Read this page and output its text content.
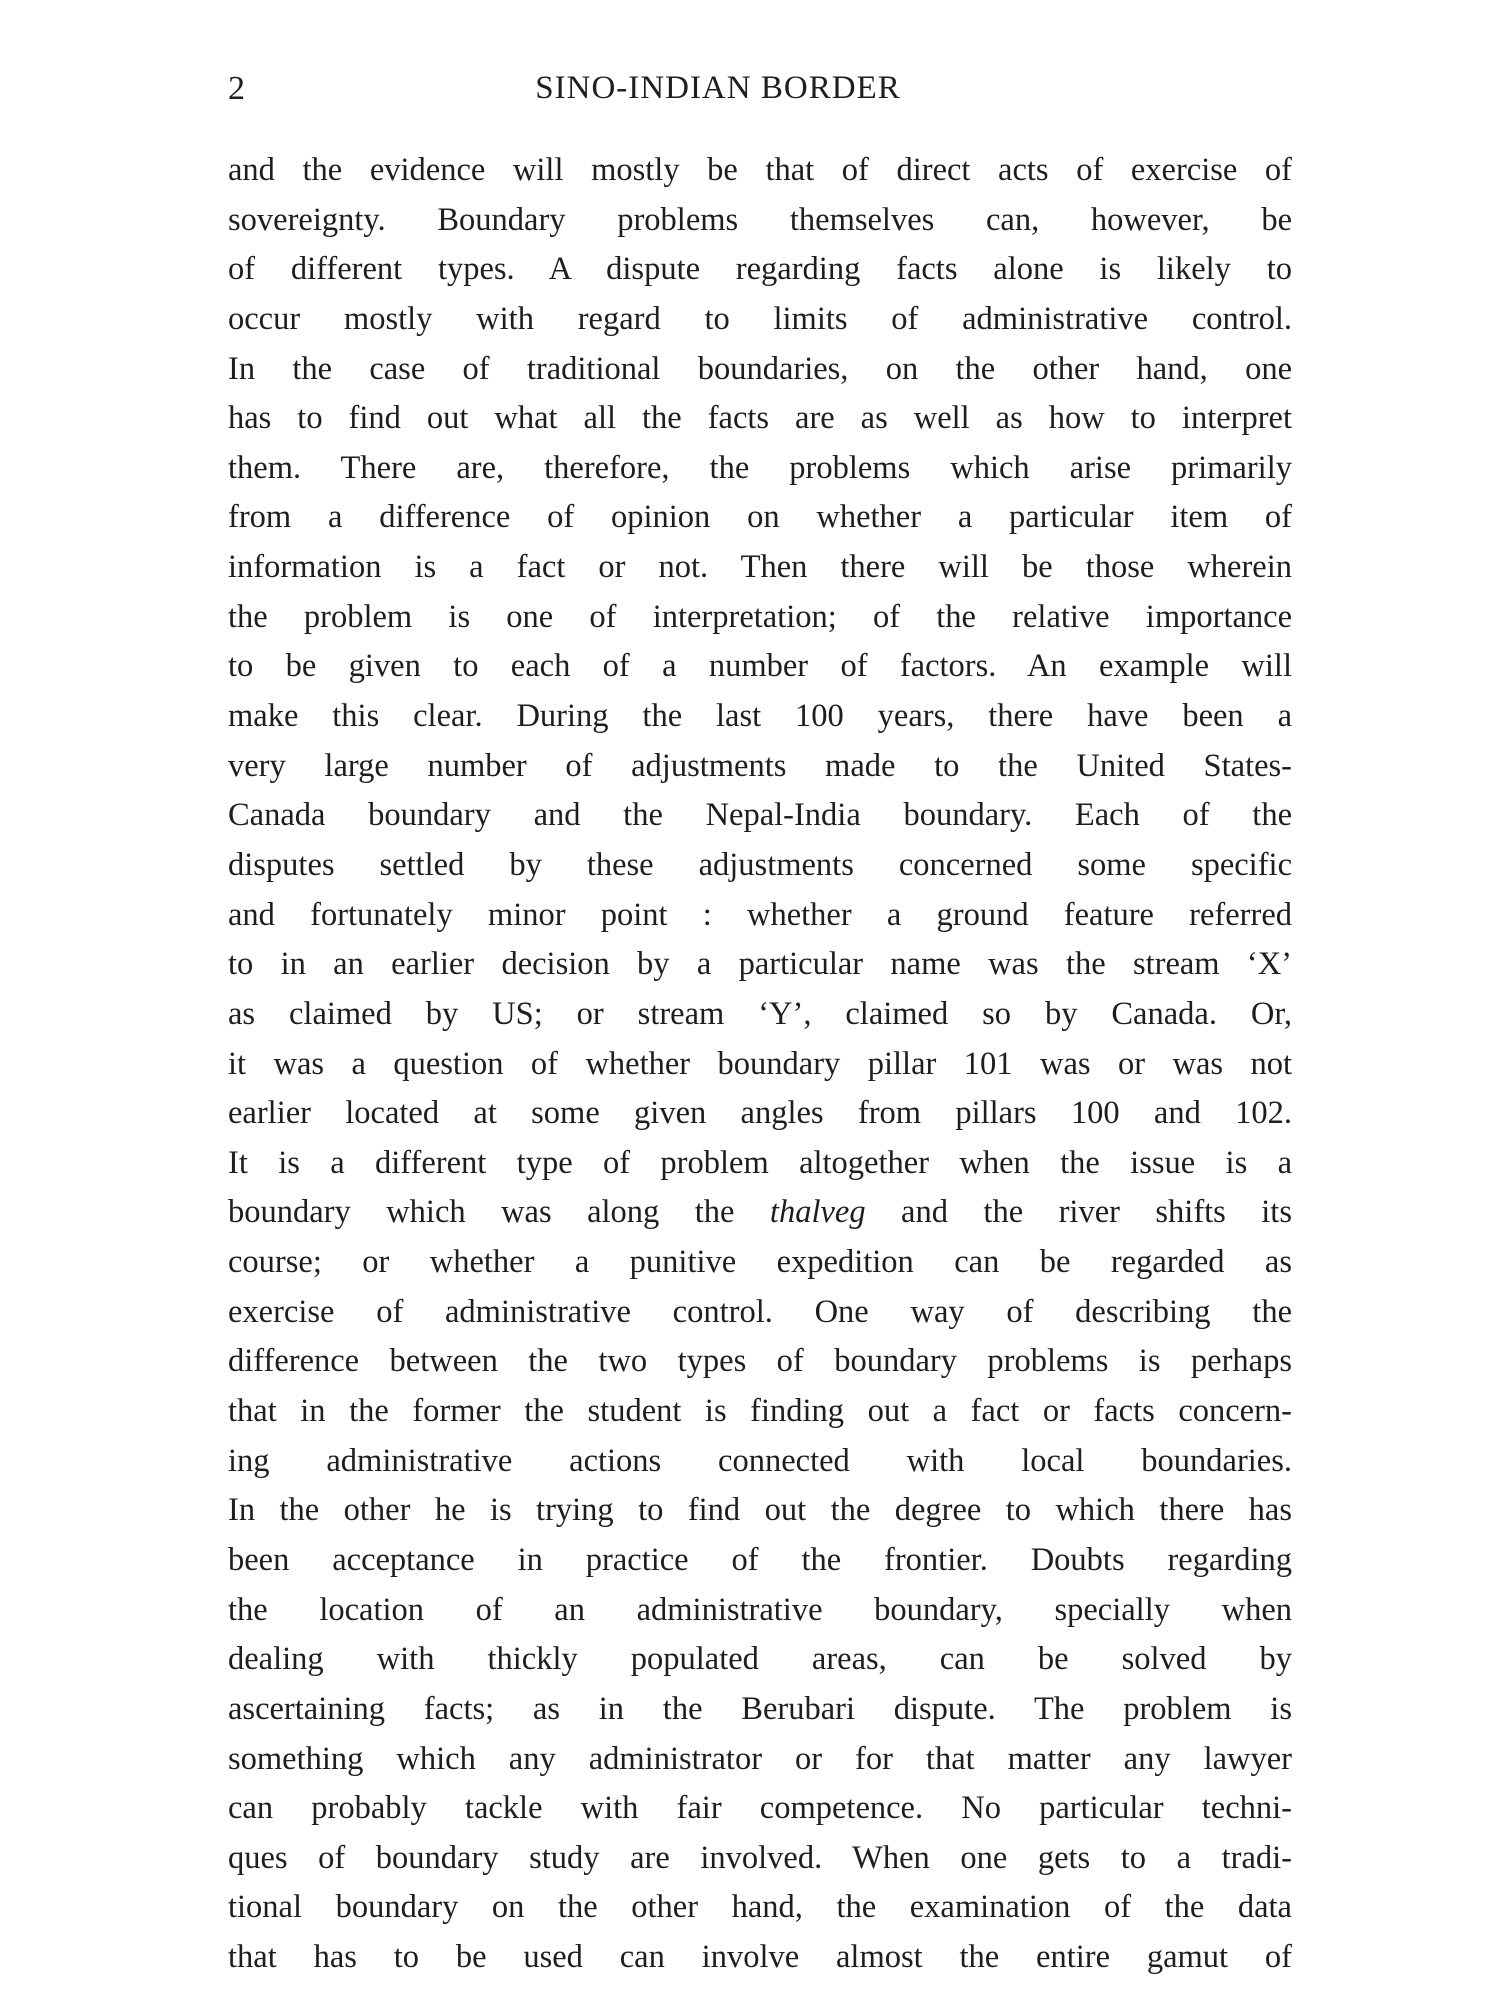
2	SINO-INDIAN BORDER
and the evidence will mostly be that of direct acts of exercise of
sovereignty. Boundary problems themselves can, however, be
of different types. A dispute regarding facts alone is likely to
occur mostly with regard to limits of administrative control.
In the case of traditional boundaries, on the other hand, one
has to find out what all the facts are as well as how to interpret
them. There are, therefore, the problems which arise primarily
from a difference of opinion on whether a particular item of
information is a fact or not. Then there will be those wherein
the problem is one of interpretation; of the relative importance
to be given to each of a number of factors. An example will
make this clear. During the last 100 years, there have been a
very large number of adjustments made to the United States-
Canada boundary and the Nepal-India boundary. Each of the
disputes settled by these adjustments concerned some specific
and fortunately minor point : whether a ground feature referred
to in an earlier decision by a particular name was the stream ‘X’
as claimed by US; or stream ‘Y’, claimed so by Canada. Or,
it was a question of whether boundary pillar 101 was or was not
earlier located at some given angles from pillars 100 and 102.
It is a different type of problem altogether when the issue is a
boundary which was along the thalveg and the river shifts its
course; or whether a punitive expedition can be regarded as
exercise of administrative control. One way of describing the
difference between the two types of boundary problems is perhaps
that in the former the student is finding out a fact or facts concern-
ing administrative actions connected with local boundaries.
In the other he is trying to find out the degree to which there has
been acceptance in practice of the frontier. Doubts regarding
the location of an administrative boundary, specially when
dealing with thickly populated areas, can be solved by
ascertaining facts; as in the Berubari dispute. The problem is
something which any administrator or for that matter any lawyer
can probably tackle with fair competence. No particular techni-
ques of boundary study are involved. When one gets to a tradi-
tional boundary on the other hand, the examination of the data
that has to be used can involve almost the entire gamut of
